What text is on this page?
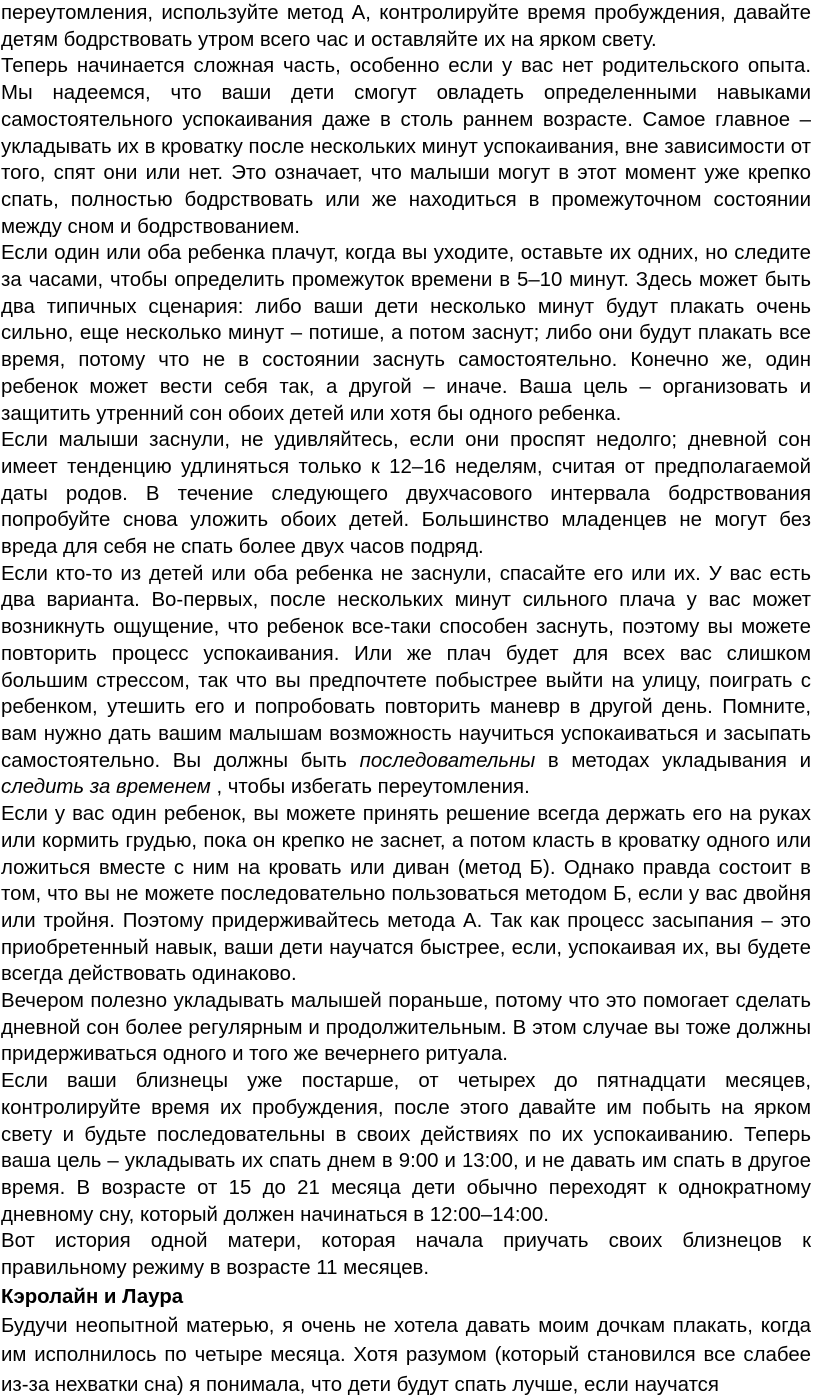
переутомления, используйте метод А, контролируйте время пробуждения, давайте детям бодрствовать утром всего час и оставляйте их на ярком свету.

Теперь начинается сложная часть, особенно если у вас нет родительского опыта. Мы надеемся, что ваши дети смогут овладеть определенными навыками самостоятельного успокаивания даже в столь раннем возрасте. Самое главное – укладывать их в кроватку после нескольких минут успокаивания, вне зависимости от того, спят они или нет. Это означает, что малыши могут в этот момент уже крепко спать, полностью бодрствовать или же находиться в промежуточном состоянии между сном и бодрствованием.

Если один или оба ребенка плачут, когда вы уходите, оставьте их одних, но следите за часами, чтобы определить промежуток времени в 5–10 минут. Здесь может быть два типичных сценария: либо ваши дети несколько минут будут плакать очень сильно, еще несколько минут – потише, а потом заснут; либо они будут плакать все время, потому что не в состоянии заснуть самостоятельно. Конечно же, один ребенок может вести себя так, а другой – иначе. Ваша цель – организовать и защитить утренний сон обоих детей или хотя бы одного ребенка.

Если малыши заснули, не удивляйтесь, если они проспят недолго; дневной сон имеет тенденцию удлиняться только к 12–16 неделям, считая от предполагаемой даты родов. В течение следующего двухчасового интервала бодрствования попробуйте снова уложить обоих детей. Большинство младенцев не могут без вреда для себя не спать более двух часов подряд.

Если кто-то из детей или оба ребенка не заснули, спасайте его или их. У вас есть два варианта. Во-первых, после нескольких минут сильного плача у вас может возникнуть ощущение, что ребенок все-таки способен заснуть, поэтому вы можете повторить процесс успокаивания. Или же плач будет для всех вас слишком большим стрессом, так что вы предпочтете побыстрее выйти на улицу, поиграть с ребенком, утешить его и попробовать повторить маневр в другой день. Помните, вам нужно дать вашим малышам возможность научиться успокаиваться и засыпать самостоятельно. Вы должны быть последовательны в методах укладывания и следить за временем , чтобы избегать переутомления.

Если у вас один ребенок, вы можете принять решение всегда держать его на руках или кормить грудью, пока он крепко не заснет, а потом класть в кроватку одного или ложиться вместе с ним на кровать или диван (метод Б). Однако правда состоит в том, что вы не можете последовательно пользоваться методом Б, если у вас двойня или тройня. Поэтому придерживайтесь метода А. Так как процесс засыпания – это приобретенный навык, ваши дети научатся быстрее, если, успокаивая их, вы будете всегда действовать одинаково.

Вечером полезно укладывать малышей пораньше, потому что это помогает сделать дневной сон более регулярным и продолжительным. В этом случае вы тоже должны придерживаться одного и того же вечернего ритуала.

Если ваши близнецы уже постарше, от четырех до пятнадцати месяцев, контролируйте время их пробуждения, после этого давайте им побыть на ярком свету и будьте последовательны в своих действиях по их успокаиванию. Теперь ваша цель – укладывать их спать днем в 9:00 и 13:00, и не давать им спать в другое время. В возрасте от 15 до 21 месяца дети обычно переходят к однократному дневному сну, который должен начинаться в 12:00–14:00.

Вот история одной матери, которая начала приучать своих близнецов к правильному режиму в возрасте 11 месяцев.

Кэролайн и Лаура

Будучи неопытной матерью, я очень не хотела давать моим дочкам плакать, когда им исполнилось по четыре месяца. Хотя разумом (который становился все слабее из-за нехватки сна) я понимала, что дети будут спать лучше, если научатся
